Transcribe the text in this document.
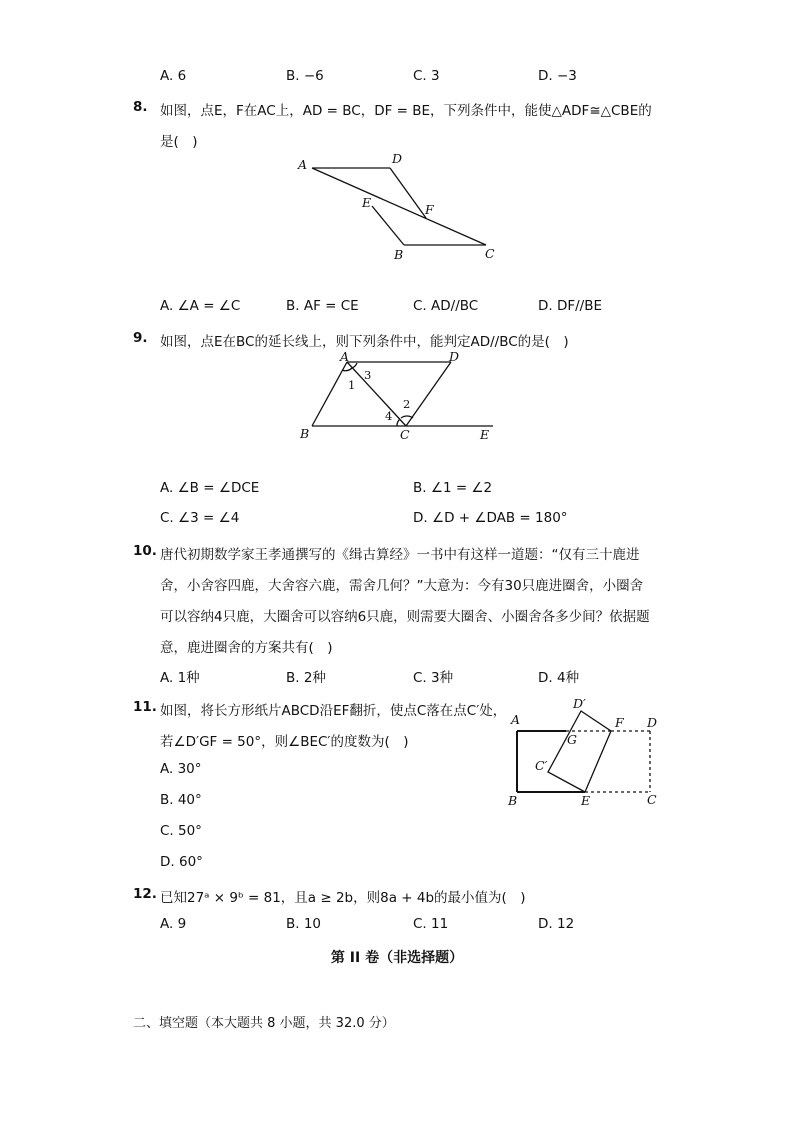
A. 6	B. −6	C. 3	D. −3
8. 如图，点E，F在AC上，AD = BC，DF = BE，下列条件中，能使△ADF≅△CBE的
是(　)
A	D
E	F
B	C
A. ∠A = ∠C	B. AF = CE	C. AD//BC	D. DF//BE
9. 如图，点E在BC的延长线上，则下列条件中，能判定AD//BC的是(　)
A	D
B	C	E
1
3
2
4
A. ∠B = ∠DCE	B. ∠1 = ∠2
C. ∠3 = ∠4	D. ∠D + ∠DAB = 180°
10. 唐代初期数学家王孝通撰写的《缉古算经》一书中有这样一道题：“仅有三十鹿进
舍，小舍容四鹿，大舍容六鹿，需舍几何？”大意为：今有30只鹿进圈舍，小圈舍
可以容纳4只鹿，大圈舍可以容纳6只鹿，则需要大圈舍、小圈舍各多少间？依据题
意，鹿进圈舍的方案共有(　)
A. 1种	B. 2种	C. 3种	D. 4种
11. 如图，将长方形纸片ABCD沿EF翻折，使点C落在点C′处，
若∠D′GF = 50°，则∠BEC′的度数为(　)
A. 30°
B. 40°
C. 50°
D. 60°
A
D′
F D
G
C′
B	E	C
12. 已知27ᵃ × 9ᵇ = 81，且a ≥ 2b，则8a + 4b的最小值为(　)
A. 9	B. 10	C. 11	D. 12
第 II 卷（非选择题）
二、填空题（本大题共 8 小题，共 32.0 分）
